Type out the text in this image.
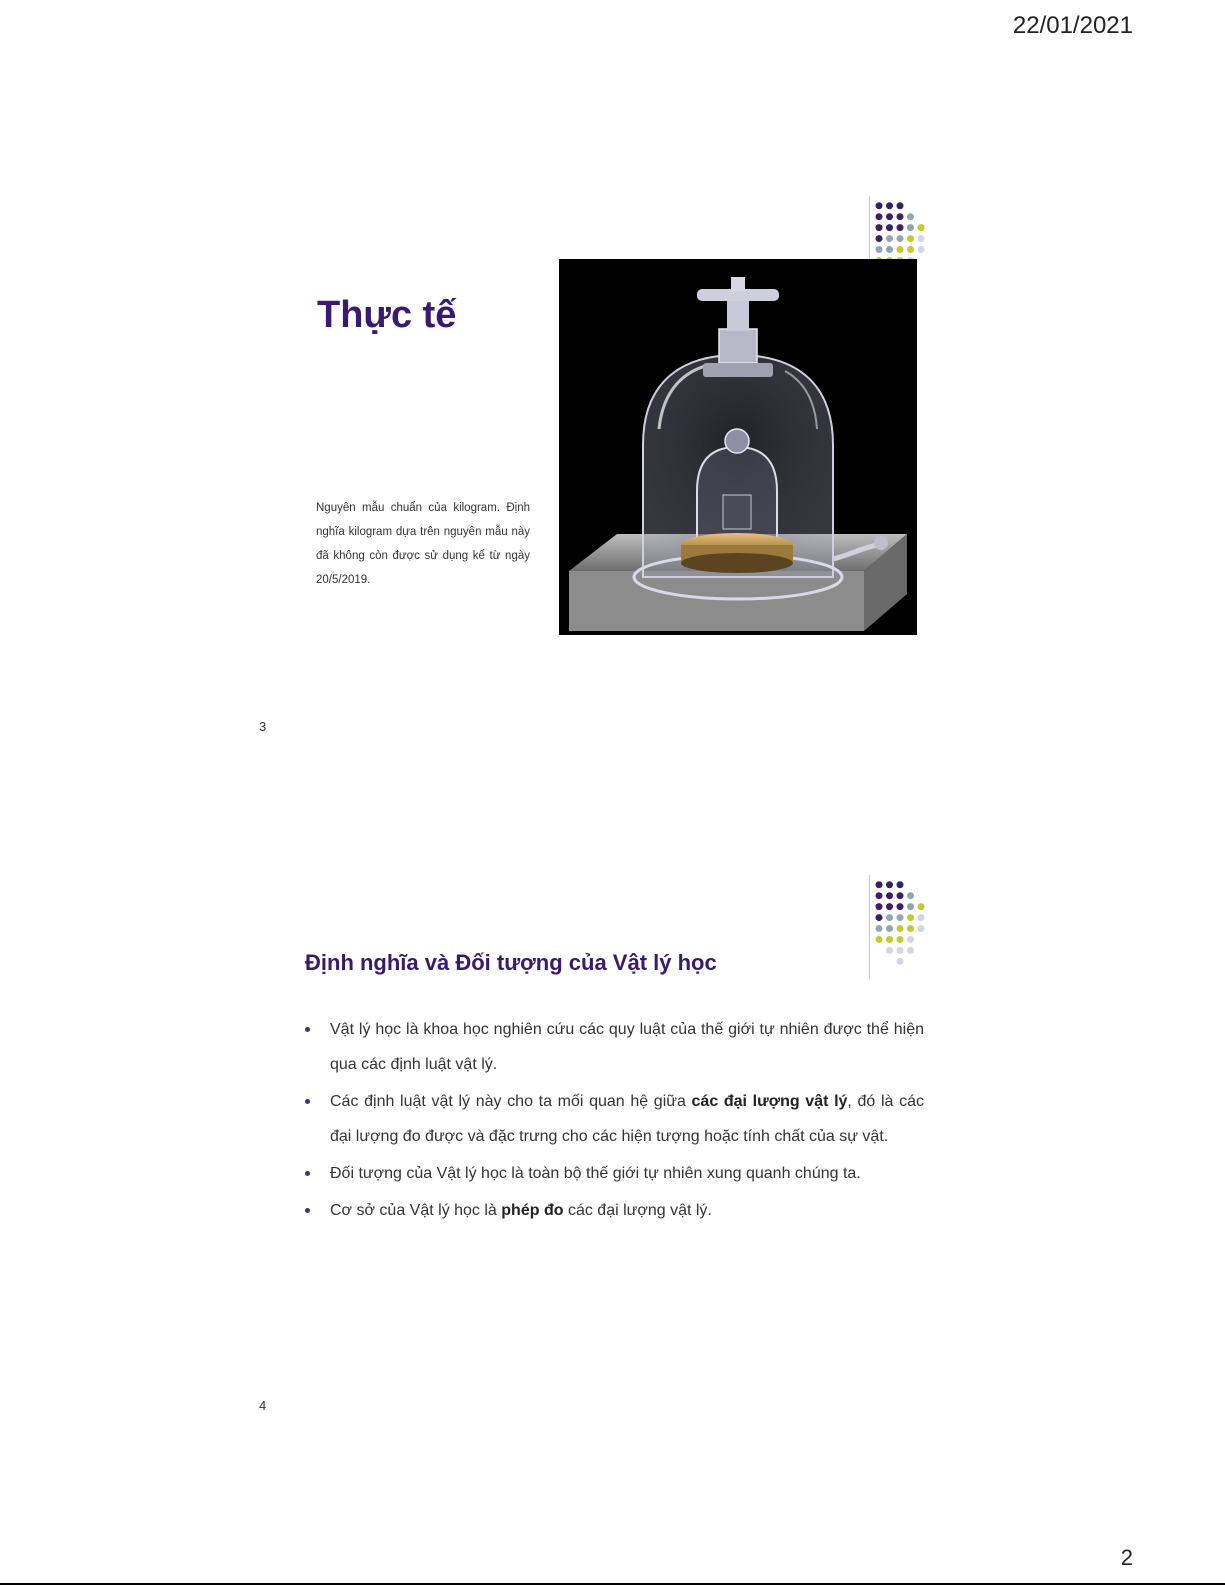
22/01/2021
2
Thực tế
Nguyên mẫu chuẩn của kilogram. Định nghĩa kilogram dựa trên nguyên mẫu này đã không còn được sử dụng kể từ ngày 20/5/2019.
3
Định nghĩa và Đối tượng của Vật lý học
Vật lý học là khoa học nghiên cứu các quy luật của thế giới tự nhiên được thể hiện qua các định luật vật lý.
Các định luật vật lý này cho ta mối quan hệ giữa các đại lượng vật lý, đó là các đại lượng đo được và đặc trưng cho các hiện tượng hoặc tính chất của sự vật.
Đối tượng của Vật lý học là toàn bộ thế giới tự nhiên xung quanh chúng ta.
Cơ sở của Vật lý học là phép đo các đại lượng vật lý.
4
